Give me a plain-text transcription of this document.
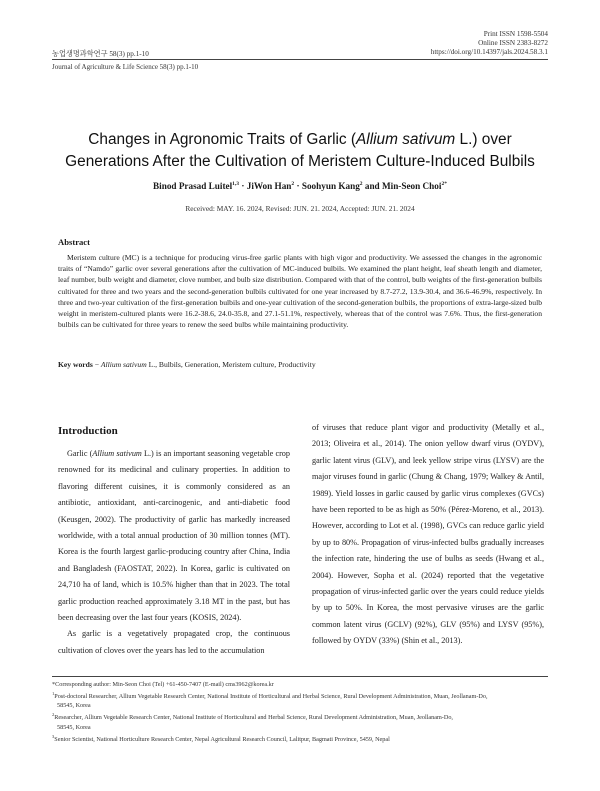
Print ISSN 1598-5504
Online ISSN 2383-8272
https://doi.org/10.14397/jals.2024.58.3.1
농업생명과학연구 58(3) pp.1-10
Journal of Agriculture & Life Science 58(3) pp.1-10
Changes in Agronomic Traits of Garlic (Allium sativum L.) over
Generations After the Cultivation of Meristem Culture-Induced Bulbils
Binod Prasad Luitel$^{1,3}$ · JiWon Han$^2$ · Soohyun Kang$^2$ and Min-Seon Choi$^{2*}$
Received: MAY. 16. 2024, Revised: JUN. 21. 2024, Accepted: JUN. 21. 2024
Abstract
Meristem culture (MC) is a technique for producing virus-free garlic plants with high vigor and productivity. We assessed the changes in the agronomic traits of “Namdo” garlic over several generations after the cultivation of MC-induced bulbils. We examined the plant height, leaf sheath length and diameter, leaf number, bulb weight and diameter, clove number, and bulb size distribution. Compared with that of the control, bulb weights of the first-generation bulbils cultivated for three and two years and the second-generation bulbils cultivated for one year increased by 8.7-27.2, 13.9-30.4, and 36.6-46.9%, respectively. In three and two-year cultivation of the first-generation bulbils and one-year cultivation of the second-generation bulbils, the proportions of extra-large-sized bulb weight in meristem-cultured plants were 16.2-38.6, 24.0-35.8, and 27.1-51.1%, respectively, whereas that of the control was 7.6%. Thus, the first-generation bulbils can be cultivated for three years to renew the seed bulbs while maintaining productivity.
Key words − Allium sativum L., Bulbils, Generation, Meristem culture, Productivity
Introduction

Garlic (Allium sativum L.) is an important seasoning vegetable crop renowned for its medicinal and culinary properties. In addition to flavoring different cuisines, it is commonly considered as an antibiotic, antioxidant, anti-carcinogenic, and anti-diabetic food (Keusgen, 2002). The productivity of garlic has markedly increased worldwide, with a total annual production of 30 million tonnes (MT). Korea is the fourth largest garlic-producing country after China, India and Bangladesh (FAOSTAT, 2022). In Korea, garlic is cultivated on 24,710 ha of land, which is 10.5% higher than that in 2023. The total garlic production reached approximately 3.18 MT in the past, but has been decreasing over the last four years (KOSIS, 2024).

As garlic is a vegetatively propagated crop, the continuous cultivation of cloves over the years has led to the accumulation

of viruses that reduce plant vigor and productivity (Metally et al., 2013; Oliveira et al., 2014). The onion yellow dwarf virus (OYDV), garlic latent virus (GLV), and leek yellow stripe virus (LYSV) are the major viruses found in garlic (Chung & Chang, 1979; Walkey & Antil, 1989). Yield losses in garlic caused by garlic virus complexes (GVCs) have been reported to be as high as 50% (Pérez-Moreno, et al., 2013). However, according to Lot et al. (1998), GVCs can reduce garlic yield by up to 80%. Propagation of virus-infected bulbs gradually increases the infection rate, hindering the use of bulbs as seeds (Hwang et al., 2004). However, Sopha et al. (2024) reported that the vegetative propagation of virus-infected garlic over the years could reduce yields by up to 50%. In Korea, the most pervasive viruses are the garlic common latent virus (GCLV) (92%), GLV (95%) and LYSV (95%), followed by OYDV (33%) (Shin et al., 2013).

*Corresponding author: Min-Seon Choi (Tel) +61-450-7407 (E-mail) cms3962@korea.kr
$^1$Post-doctoral Researcher, Allium Vegetable Research Center, National Institute of Horticultural and Herbal Science, Rural Development Administration, Muan, Jeollanam-Do,
58545, Korea
$^2$Researcher, Allium Vegetable Research Center, National Institute of Horticultural and Herbal Science, Rural Development Administration, Muan, Jeollanam-Do,
58545, Korea
$^3$Senior Scientist, National Horticulture Research Center, Nepal Agricultural Research Council, Lalitpur, Bagmati Province, 5459, Nepal
